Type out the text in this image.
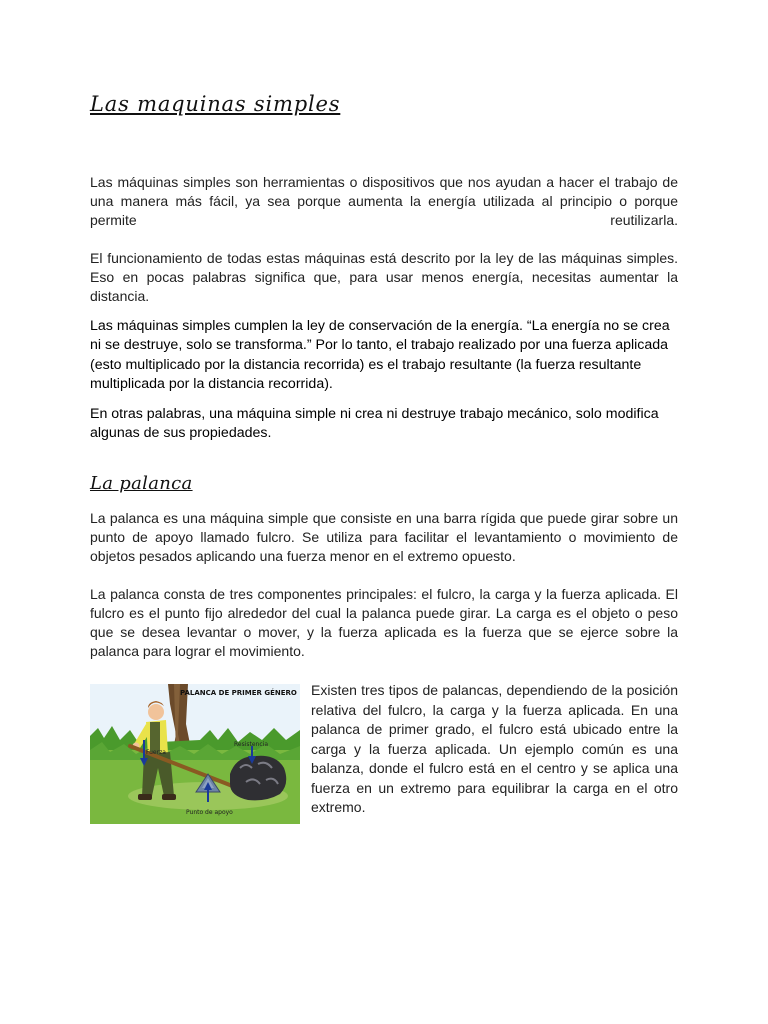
Las maquinas simples

Las máquinas simples son herramientas o dispositivos que nos ayudan a hacer el trabajo de una manera más fácil, ya sea porque aumenta la energía utilizada al principio o porque permite reutilizarla.

El funcionamiento de todas estas máquinas está descrito por la ley de las máquinas simples. Eso en pocas palabras significa que, para usar menos energía, necesitas aumentar la distancia.

Las máquinas simples cumplen la ley de conservación de la energía. “La energía no se crea ni se destruye, solo se transforma.” Por lo tanto, el trabajo realizado por una fuerza aplicada (esto multiplicado por la distancia recorrida) es el trabajo resultante (la fuerza resultante multiplicada por la distancia recorrida).

En otras palabras, una máquina simple ni crea ni destruye trabajo mecánico, solo modifica algunas de sus propiedades.

La palanca

La palanca es una máquina simple que consiste en una barra rígida que puede girar sobre un punto de apoyo llamado fulcro. Se utiliza para facilitar el levantamiento o movimiento de objetos pesados aplicando una fuerza menor en el extremo opuesto.

La palanca consta de tres componentes principales: el fulcro, la carga y la fuerza aplicada. El fulcro es el punto fijo alrededor del cual la palanca puede girar. La carga es el objeto o peso que se desea levantar o mover, y la fuerza aplicada es la fuerza que se ejerce sobre la palanca para lograr el movimiento.

PALANCA DE PRIMER GÉNERO
Fuerza
Resistencia
Punto de apoyo

Existen tres tipos de palancas, dependiendo de la posición relativa del fulcro, la carga y la fuerza aplicada. En una palanca de primer grado, el fulcro está ubicado entre la carga y la fuerza aplicada. Un ejemplo común es una balanza, donde el fulcro está en el centro y se aplica una fuerza en un extremo para equilibrar la carga en el otro extremo.
